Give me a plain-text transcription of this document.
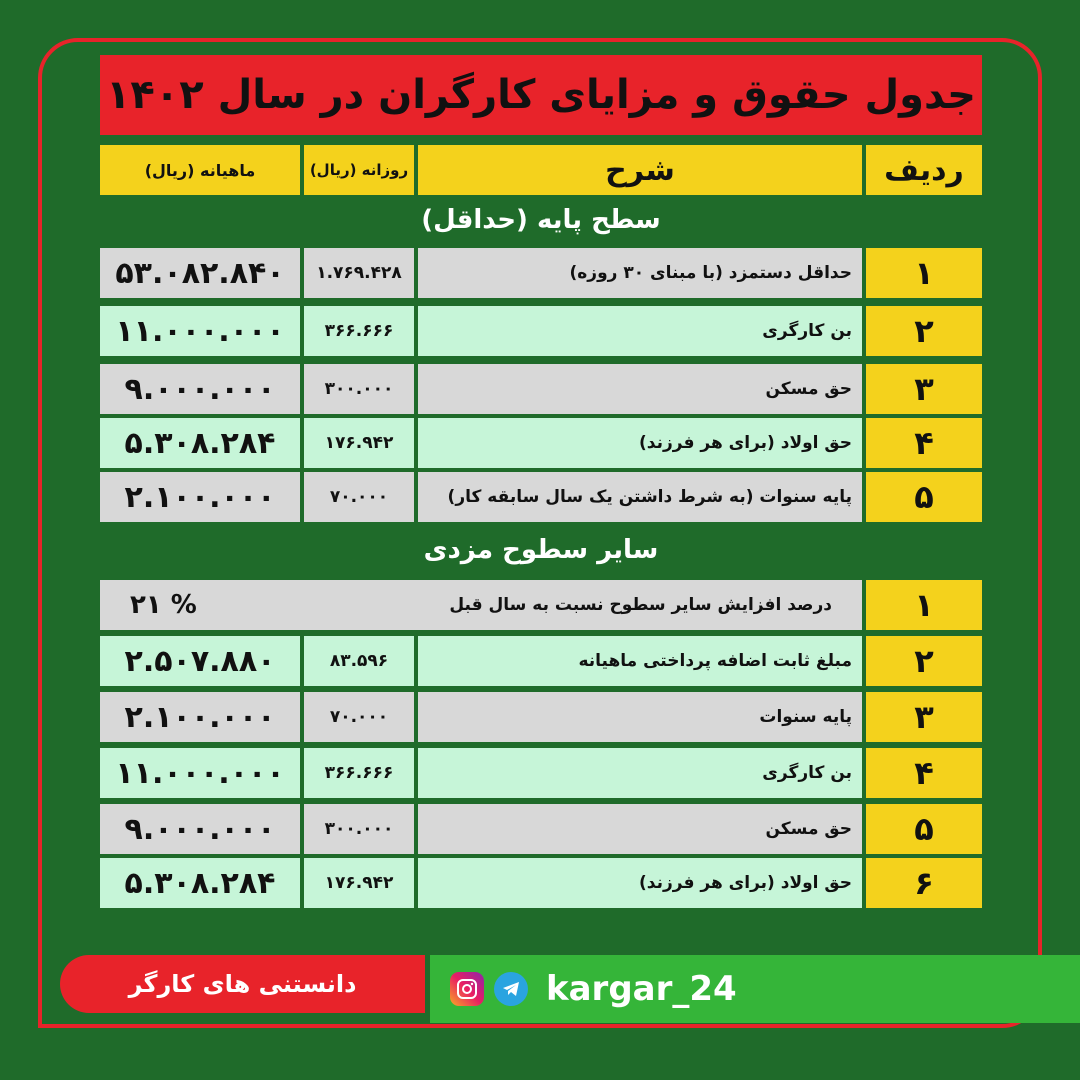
جدول حقوق و مزایای کارگران در سال ۱۴۰۲
ماهیانه (ریال)	روزانه (ریال)	شرح	ردیف
سطح پایه (حداقل)
۵۳.۰۸۲.۸۴۰	۱.۷۶۹.۴۲۸	حداقل دستمزد (با مبنای ۳۰ روزه)	۱
۱۱.۰۰۰.۰۰۰	۳۶۶.۶۶۶	بن کارگری	۲
۹.۰۰۰.۰۰۰	۳۰۰.۰۰۰	حق مسکن	۳
۵.۳۰۸.۲۸۴	۱۷۶.۹۴۲	حق اولاد (برای هر فرزند)	۴
۲.۱۰۰.۰۰۰	۷۰.۰۰۰	پایه سنوات (به شرط داشتن یک سال سابقه کار)	۵
سایر سطوح مزدی
۲۱ %	درصد افزایش سایر سطوح نسبت به سال قبل	۱
۲.۵۰۷.۸۸۰	۸۳.۵۹۶	مبلغ ثابت اضافه پرداختی ماهیانه	۲
۲.۱۰۰.۰۰۰	۷۰.۰۰۰	پایه سنوات	۳
۱۱.۰۰۰.۰۰۰	۳۶۶.۶۶۶	بن کارگری	۴
۹.۰۰۰.۰۰۰	۳۰۰.۰۰۰	حق مسکن	۵
۵.۳۰۸.۲۸۴	۱۷۶.۹۴۲	حق اولاد (برای هر فرزند)	۶
دانستنی های کارگر	kargar_24
